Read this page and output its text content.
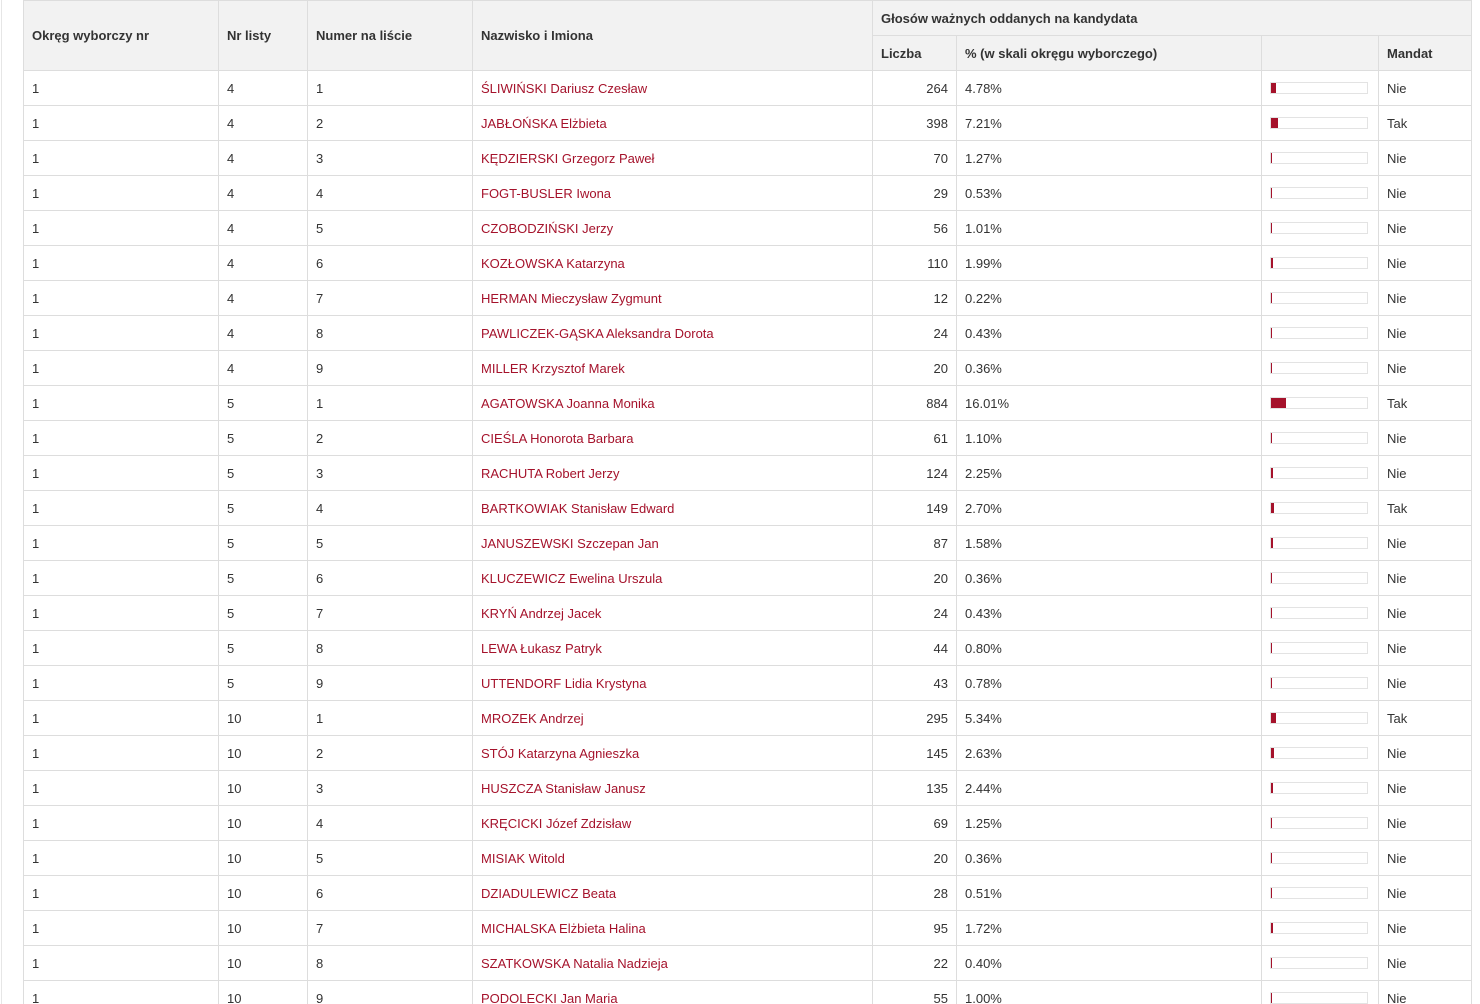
Okręg wyborczy nr	Nr listy	Numer na liście	Nazwisko i Imiona	Głosów ważnych oddanych na kandydata			
				Liczba	% (w skali okręgu wyborczego)		Mandat
1	4	1	ŚLIWIŃSKI Dariusz Czesław	264	4.78%		Nie
1	4	2	JABŁOŃSKA Elżbieta	398	7.21%		Tak
1	4	3	KĘDZIERSKI Grzegorz Paweł	70	1.27%		Nie
1	4	4	FOGT-BUSLER Iwona	29	0.53%		Nie
1	4	5	CZOBODZIŃSKI Jerzy	56	1.01%		Nie
1	4	6	KOZŁOWSKA Katarzyna	110	1.99%		Nie
1	4	7	HERMAN Mieczysław Zygmunt	12	0.22%		Nie
1	4	8	PAWLICZEK-GĄSKA Aleksandra Dorota	24	0.43%		Nie
1	4	9	MILLER Krzysztof Marek	20	0.36%		Nie
1	5	1	AGATOWSKA Joanna Monika	884	16.01%		Tak
1	5	2	CIEŚLA Honorota Barbara	61	1.10%		Nie
1	5	3	RACHUTA Robert Jerzy	124	2.25%		Nie
1	5	4	BARTKOWIAK Stanisław Edward	149	2.70%		Tak
1	5	5	JANUSZEWSKI Szczepan Jan	87	1.58%		Nie
1	5	6	KLUCZEWICZ Ewelina Urszula	20	0.36%		Nie
1	5	7	KRYŃ Andrzej Jacek	24	0.43%		Nie
1	5	8	LEWA Łukasz Patryk	44	0.80%		Nie
1	5	9	UTTENDORF Lidia Krystyna	43	0.78%		Nie
1	10	1	MROZEK Andrzej	295	5.34%		Tak
1	10	2	STÓJ Katarzyna Agnieszka	145	2.63%		Nie
1	10	3	HUSZCZA Stanisław Janusz	135	2.44%		Nie
1	10	4	KRĘCICKI Józef Zdzisław	69	1.25%		Nie
1	10	5	MISIAK Witold	20	0.36%		Nie
1	10	6	DZIADULEWICZ Beata	28	0.51%		Nie
1	10	7	MICHALSKA Elżbieta Halina	95	1.72%		Nie
1	10	8	SZATKOWSKA Natalia Nadzieja	22	0.40%		Nie
1	10	9	PODOLECKI Jan Maria	55	1.00%		Nie
